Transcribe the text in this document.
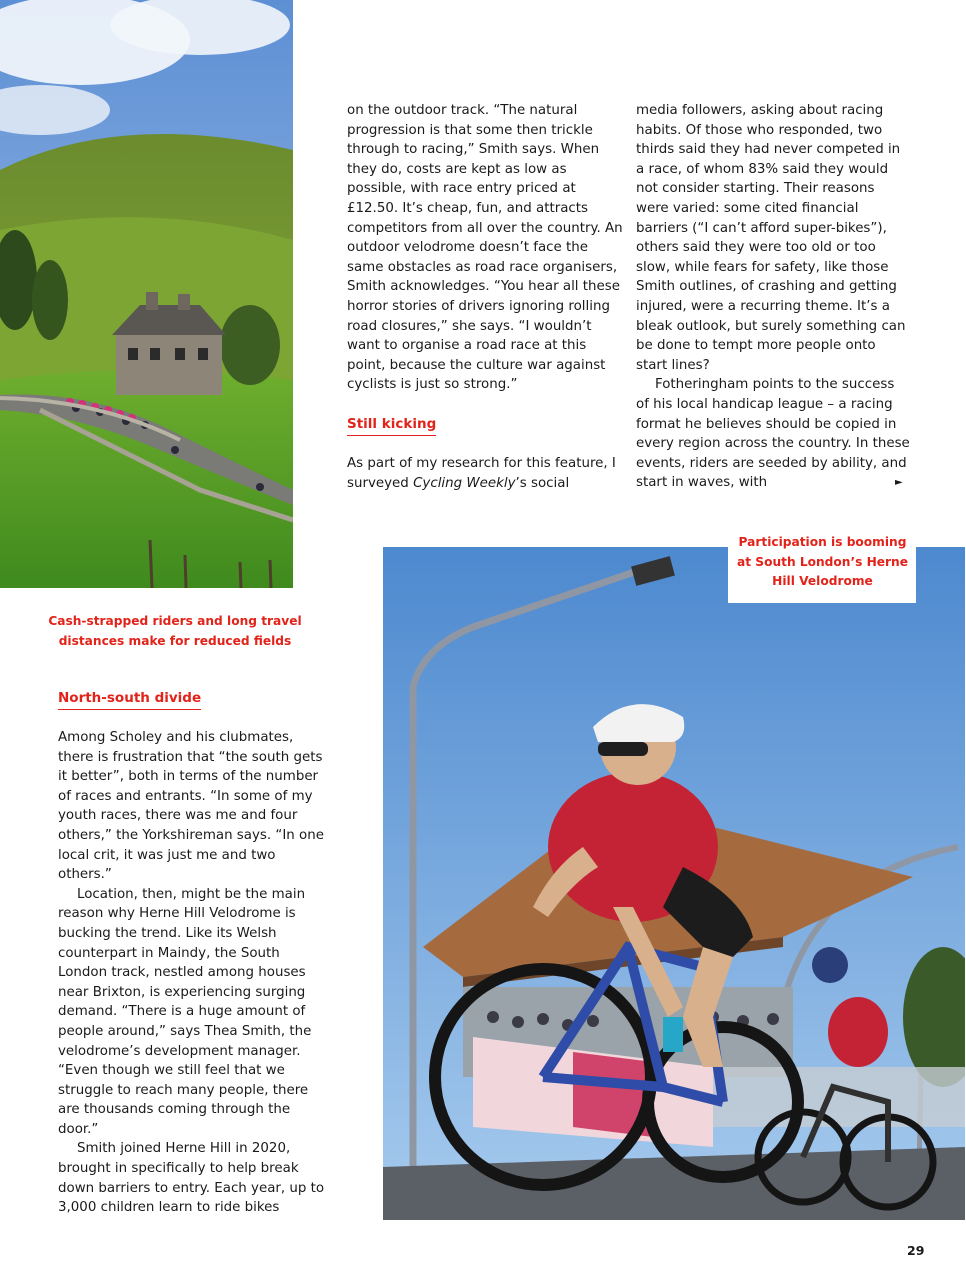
Participation is booming at South London’s Herne Hill Velodrome
Cash-strapped riders and long travel distances make for reduced fields
Still kicking
North-south divide

on the outdoor track. “The natural progression is that some then trickle through to racing,” Smith says. When they do, costs are kept as low as possible, with race entry priced at £12.50. It’s cheap, fun, and attracts competitors from all over the country. An outdoor velodrome doesn’t face the same obstacles as road race organisers, Smith acknowledges. “You hear all these horror stories of drivers ignoring rolling road closures,” she says. “I wouldn’t want to organise a road race at this point, because the culture war against cyclists is just so strong.”

As part of my research for this feature, I surveyed Cycling Weekly’s social

media followers, asking about racing habits. Of those who responded, two thirds said they had never competed in a race, of whom 83% said they would not consider starting. Their reasons were varied: some cited financial barriers (“I can’t afford super-bikes”), others said they were too old or too slow, while fears for safety, like those Smith outlines, of crashing and getting injured, were a recurring theme. It’s a bleak outlook, but surely something can be done to tempt more people onto start lines?

Fotheringham points to the success of his local handicap league – a racing format he believes should be copied in every region across the country. In these events, riders are seeded by ability, and start in waves, with	►

Among Scholey and his clubmates, there is frustration that “the south gets it better”, both in terms of the number of races and entrants. “In some of my youth races, there was me and four others,” the Yorkshireman says. “In one local crit, it was just me and two others.”

Location, then, might be the main reason why Herne Hill Velodrome is bucking the trend. Like its Welsh counterpart in Maindy, the South London track, nestled among houses near Brixton, is experiencing surging demand. “There is a huge amount of people around,” says Thea Smith, the velodrome’s development manager. “Even though we still feel that we struggle to reach many people, there are thousands coming through the door.”

Smith joined Herne Hill in 2020, brought in specifically to help break down barriers to entry. Each year, up to 3,000 children learn to ride bikes

29
